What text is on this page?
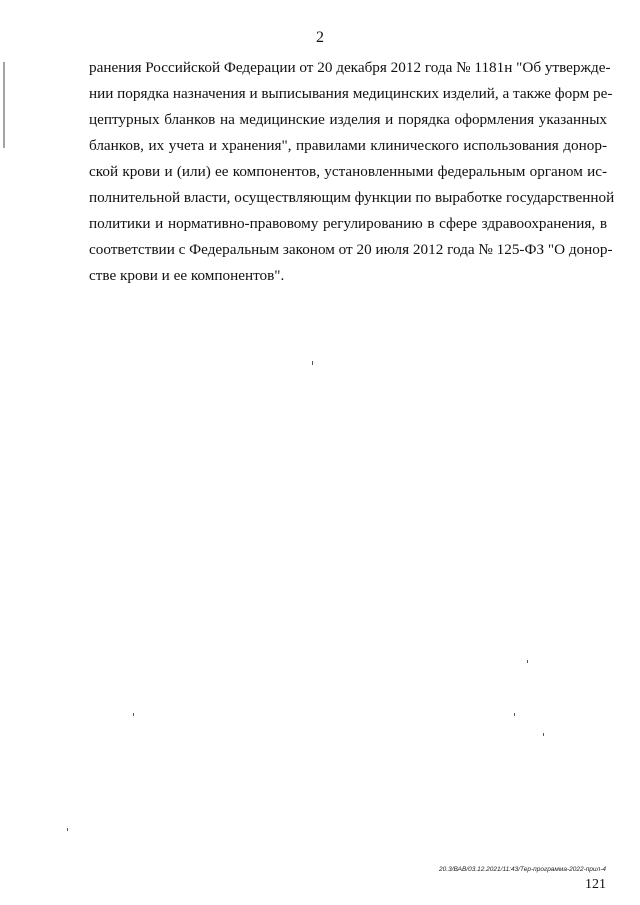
2
ранения Российской Федерации от 20 декабря 2012 года № 1181н "Об утвержде-
нии порядка назначения и выписывания медицинских изделий, а также форм ре-
цептурных бланков на медицинские изделия и порядка оформления указанных
бланков, их учета и хранения", правилами клинического использования донор-
ской крови и (или) ее компонентов, установленными федеральным органом ис-
полнительной власти, осуществляющим функции по выработке государственной
политики и нормативно-правовому регулированию в сфере здравоохранения, в
соответствии с Федеральным законом от 20 июля 2012 года № 125-ФЗ "О донор-
стве крови и ее компонентов".
20.3/ВАВ/03.12.2021/11:43/Тер-программа-2022-прил-4
121
